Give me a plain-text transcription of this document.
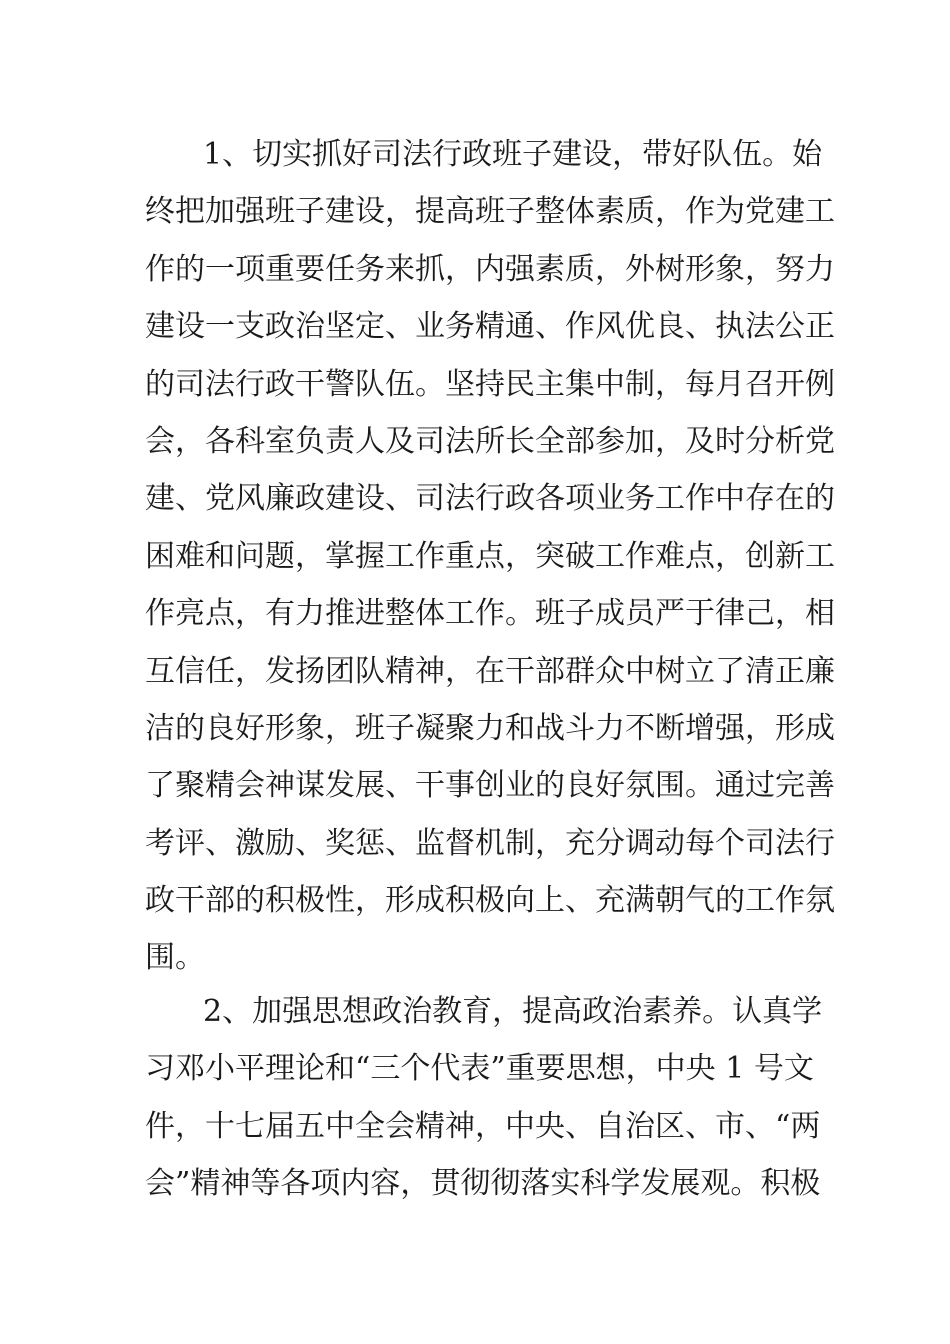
1、切实抓好司法行政班子建设，带好队伍。始
终把加强班子建设，提高班子整体素质，作为党建工
作的一项重要任务来抓，内强素质，外树形象，努力
建设一支政治坚定、业务精通、作风优良、执法公正
的司法行政干警队伍。坚持民主集中制，每月召开例
会，各科室负责人及司法所长全部参加，及时分析党
建、党风廉政建设、司法行政各项业务工作中存在的
困难和问题，掌握工作重点，突破工作难点，创新工
作亮点，有力推进整体工作。班子成员严于律己，相
互信任，发扬团队精神，在干部群众中树立了清正廉
洁的良好形象，班子凝聚力和战斗力不断增强，形成
了聚精会神谋发展、干事创业的良好氛围。通过完善
考评、激励、奖惩、监督机制，充分调动每个司法行
政干部的积极性，形成积极向上、充满朝气的工作氛
围。
2、加强思想政治教育，提高政治素养。认真学
习邓小平理论和“三个代表”重要思想，中央 1 号文
件，十七届五中全会精神，中央、自治区、市、“两
会”精神等各项内容，贯彻彻落实科学发展观。积极
